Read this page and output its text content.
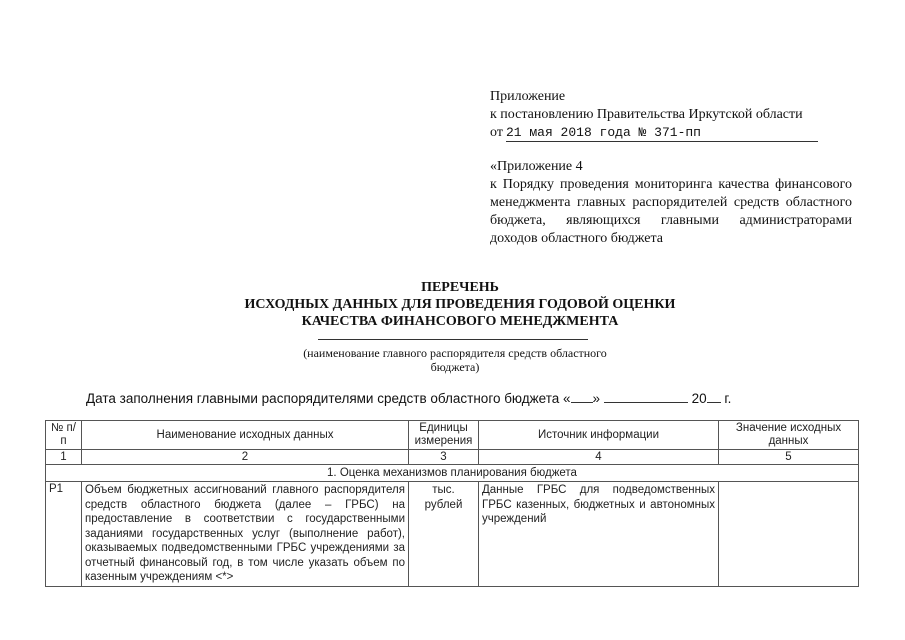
Приложение
к постановлению Правительства Иркутской области
от 21 мая 2018 года № 371-пп
«Приложение 4
к Порядку проведения мониторинга качества финансового менеджмента главных распорядителей средств областного бюджета, являющихся главными администраторами доходов областного бюджета
ПЕРЕЧЕНЬ
ИСХОДНЫХ ДАННЫХ ДЛЯ ПРОВЕДЕНИЯ ГОДОВОЙ ОЦЕНКИ
КАЧЕСТВА ФИНАНСОВОГО МЕНЕДЖМЕНТА
(наименование главного распорядителя средств областного бюджета)
Дата заполнения главными распорядителями средств областного бюджета « »	20 г.
№ п/п	Наименование исходных данных	Единицы измерения	Источник информации	Значение исходных данных
1	2	3	4	5
1. Оценка механизмов планирования бюджета				
Р1	Объем бюджетных ассигнований главного распорядителя средств областного бюджета (далее – ГРБС) на предоставление в соответствии с государственными заданиями государственных услуг (выполнение работ), оказываемых подведомственными ГРБС учреждениями за отчетный финансовый год, в том числе указать объем по казенным учреждениям <*>	тыс. рублей	Данные ГРБС для подведомственных ГРБС казенных, бюджетных и автономных учреждений	
